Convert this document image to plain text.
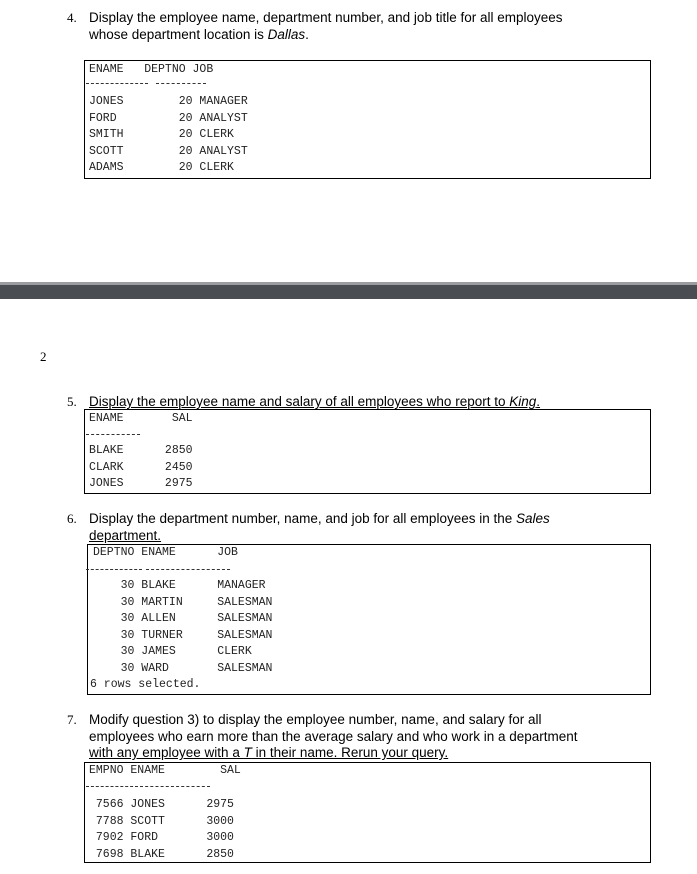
4. Display the employee name, department number, and job title for all employees
whose department location is Dallas.
ENAME   DEPTNO JOB
JONES        20 MANAGER
FORD         20 ANALYST
SMITH        20 CLERK
SCOTT        20 ANALYST
ADAMS        20 CLERK
2
5. Display the employee name and salary of all employees who report to King.
ENAME       SAL
BLAKE      2850
CLARK      2450
JONES      2975
6. Display the department number, name, and job for all employees in the Sales
department.
DEPTNO ENAME      JOB
30 BLAKE      MANAGER
30 MARTIN     SALESMAN
30 ALLEN      SALESMAN
30 TURNER     SALESMAN
30 JAMES      CLERK
30 WARD       SALESMAN
6 rows selected.
7. Modify question 3) to display the employee number, name, and salary for all
employees who earn more than the average salary and who work in a department
with any employee with a T in their name. Rerun your query.
EMPNO ENAME        SAL
7566 JONES      2975
7788 SCOTT      3000
7902 FORD       3000
7698 BLAKE      2850
